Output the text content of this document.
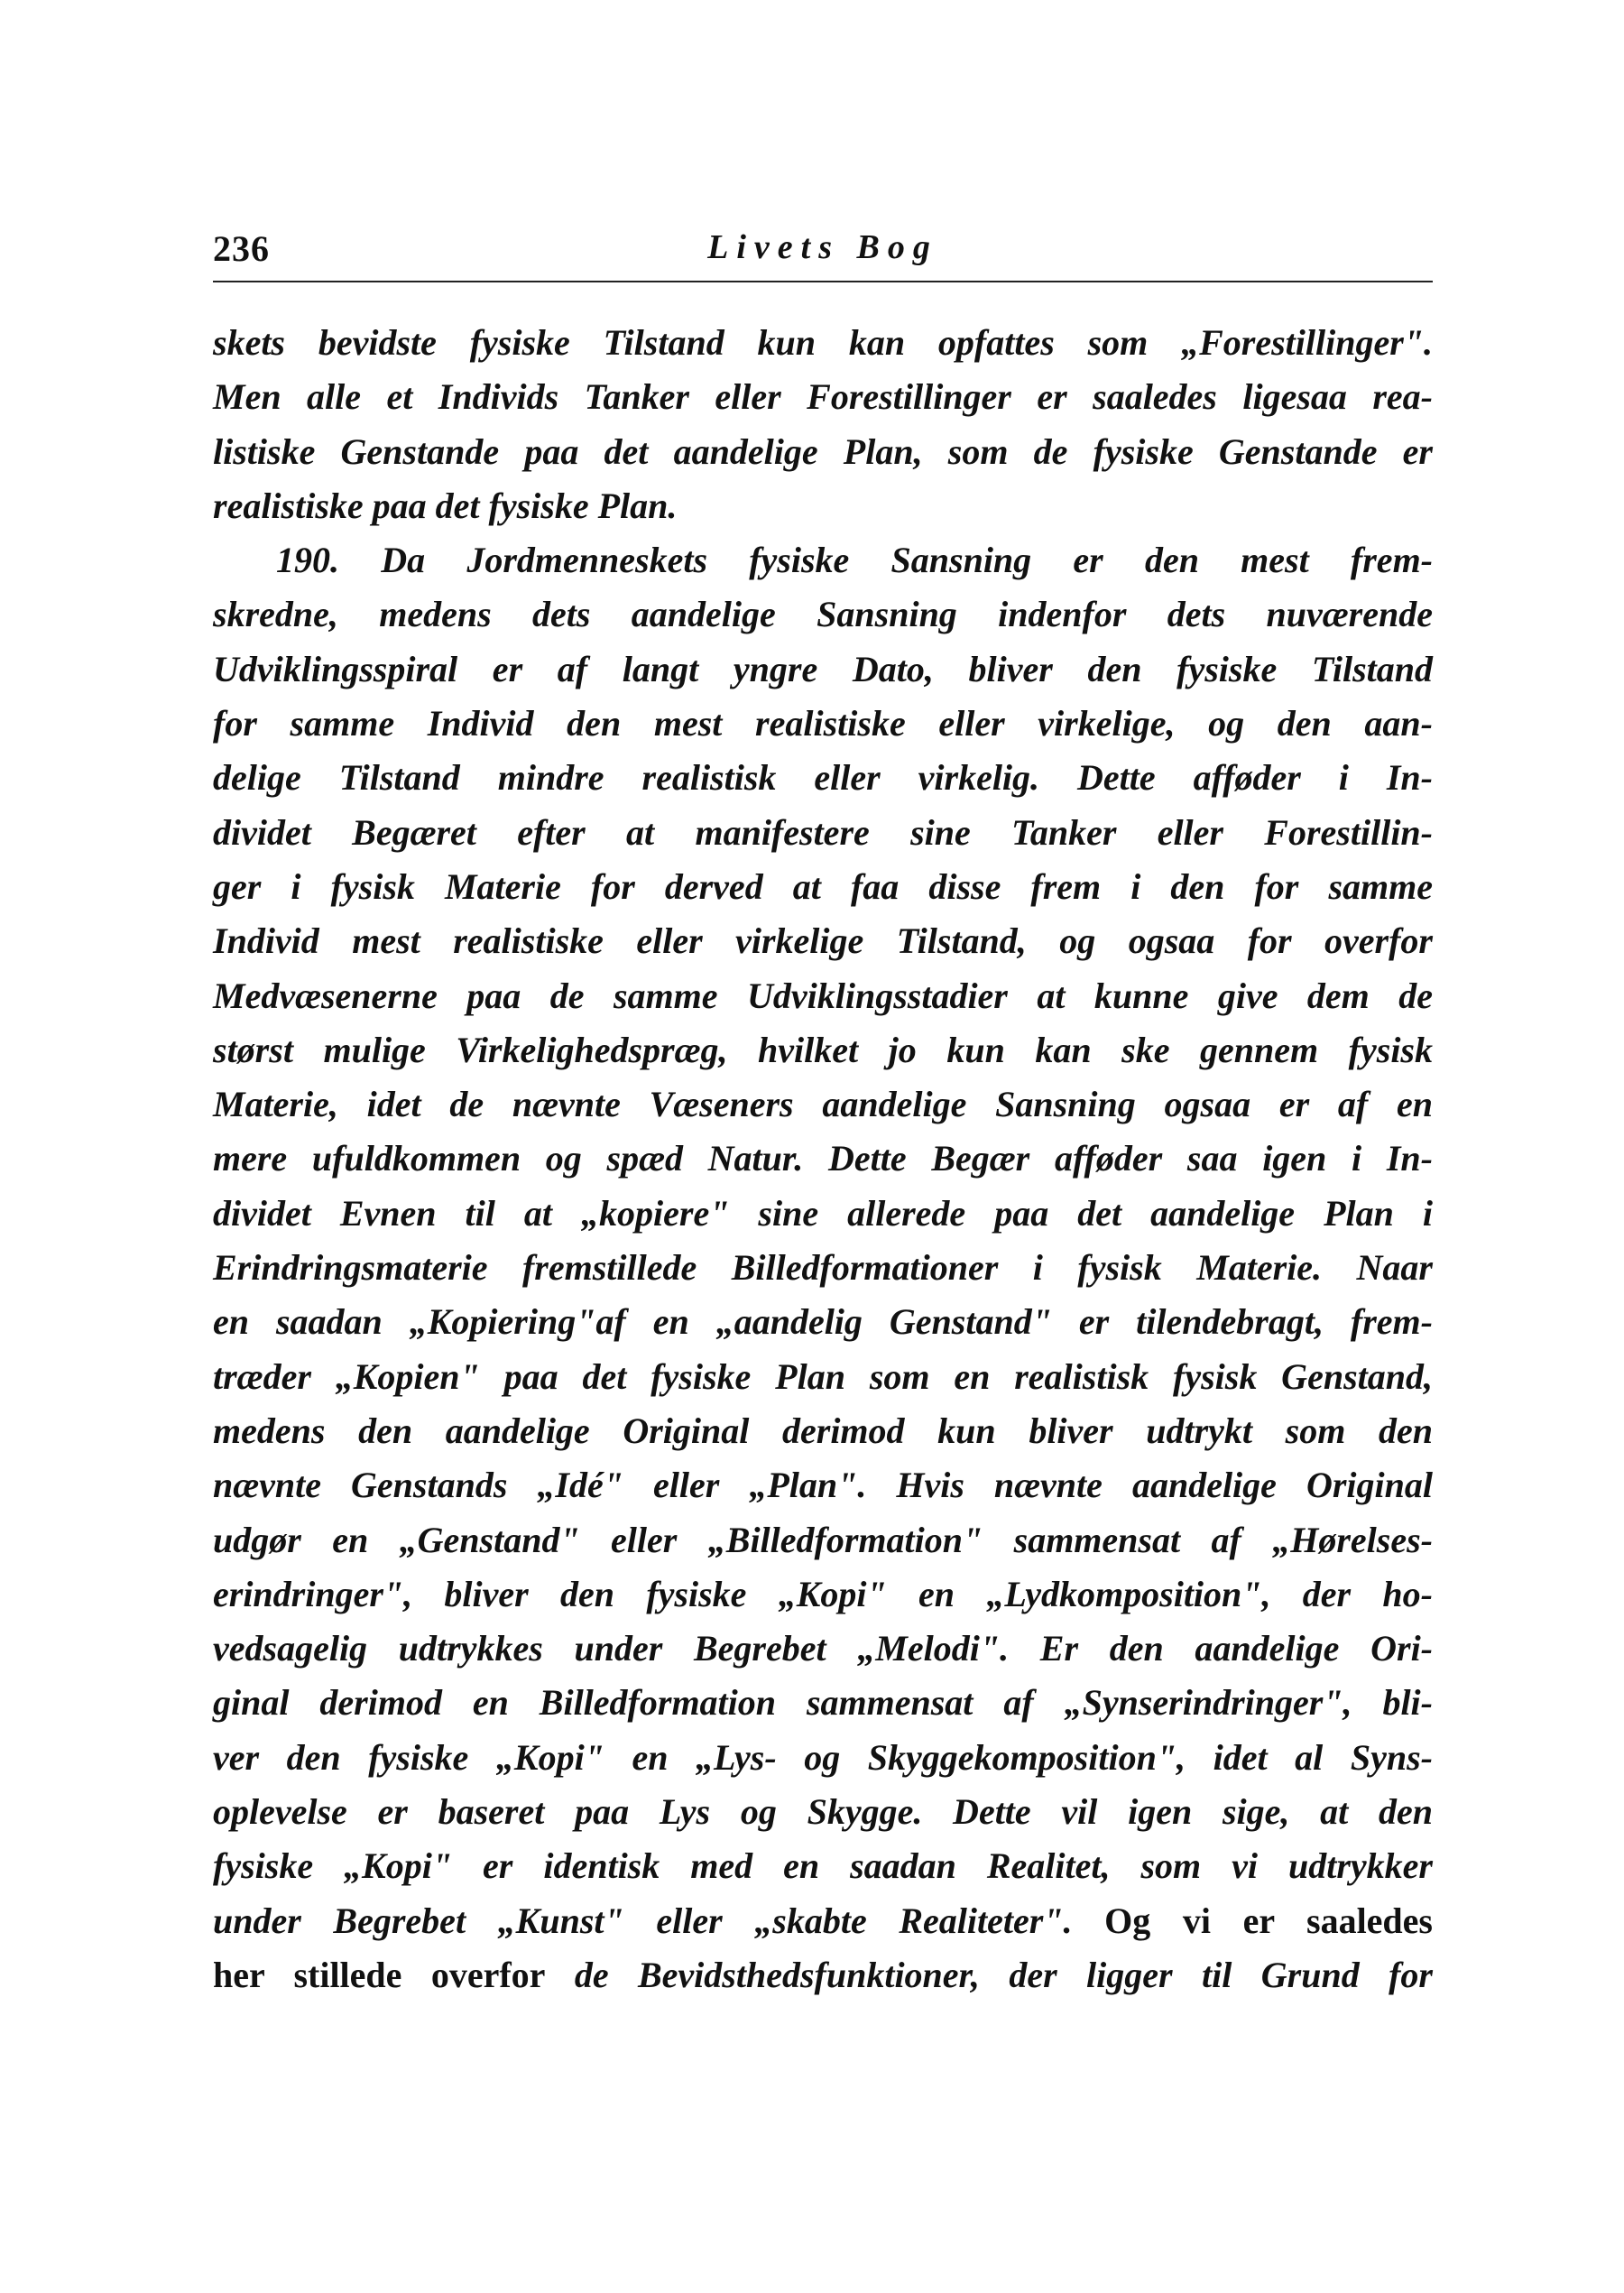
236	Livets Bog
skets bevidste fysiske Tilstand kun kan opfattes som „Forestillinger".
Men alle et Individs Tanker eller Forestillinger er saaledes ligesaa rea-
listiske Genstande paa det aandelige Plan, som de fysiske Genstande er
realistiske paa det fysiske Plan.
190. Da Jordmenneskets fysiske Sansning er den mest frem-
skredne, medens dets aandelige Sansning indenfor dets nuværende
Udviklingsspiral er af langt yngre Dato, bliver den fysiske Tilstand
for samme Individ den mest realistiske eller virkelige, og den aan-
delige Tilstand mindre realistisk eller virkelig. Dette afføder i In-
dividet Begæret efter at manifestere sine Tanker eller Forestillin-
ger i fysisk Materie for derved at faa disse frem i den for samme
Individ mest realistiske eller virkelige Tilstand, og ogsaa for overfor
Medvæsenerne paa de samme Udviklingsstadier at kunne give dem de
størst mulige Virkelighedspræg, hvilket jo kun kan ske gennem fysisk
Materie, idet de nævnte Væseners aandelige Sansning ogsaa er af en
mere ufuldkommen og spæd Natur. Dette Begær afføder saa igen i In-
dividet Evnen til at „kopiere" sine allerede paa det aandelige Plan i
Erindringsmaterie fremstillede Billedformationer i fysisk Materie. Naar
en saadan „Kopiering"af en „aandelig Genstand" er tilendebragt, frem-
træder „Kopien" paa det fysiske Plan som en realistisk fysisk Genstand,
medens den aandelige Original derimod kun bliver udtrykt som den
nævnte Genstands „Idé" eller „Plan". Hvis nævnte aandelige Original
udgør en „Genstand" eller „Billedformation" sammensat af „Hørelses-
erindringer", bliver den fysiske „Kopi" en „Lydkomposition", der ho-
vedsagelig udtrykkes under Begrebet „Melodi". Er den aandelige Ori-
ginal derimod en Billedformation sammensat af „Synserindringer", bli-
ver den fysiske „Kopi" en „Lys- og Skyggekomposition", idet al Syns-
oplevelse er baseret paa Lys og Skygge. Dette vil igen sige, at den
fysiske „Kopi" er identisk med en saadan Realitet, som vi udtrykker
under Begrebet „Kunst" eller „skabte Realiteter". Og vi er saaledes
her stillede overfor de Bevidsthedsfunktioner, der ligger til Grund for
